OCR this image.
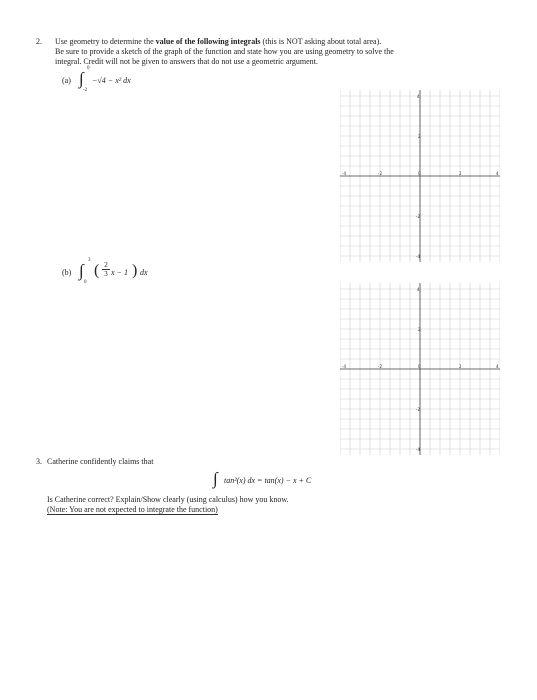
2. Use geometry to determine the value of the following integrals (this is NOT asking about total area).
Be sure to provide a sketch of the graph of the function and state how you are using geometry to solve the
integral. Credit will not be given to answers that do not use a geometric argument.
(a) ∫
0
-2
−√4 − x² dx
-4	-2	0	2	4
4
2
-2
-4
(b) ∫
3
0
( $\frac{2}{3}$ x − 1 ) dx
-4	-2	0	2	4
4
2
-2
-4
3. Catherine confidently claims that
∫ tan²(x) dx = tan(x) − x + C
Is Catherine correct? Explain/Show clearly (using calculus) how you know.
(Note: You are not expected to integrate the function)
